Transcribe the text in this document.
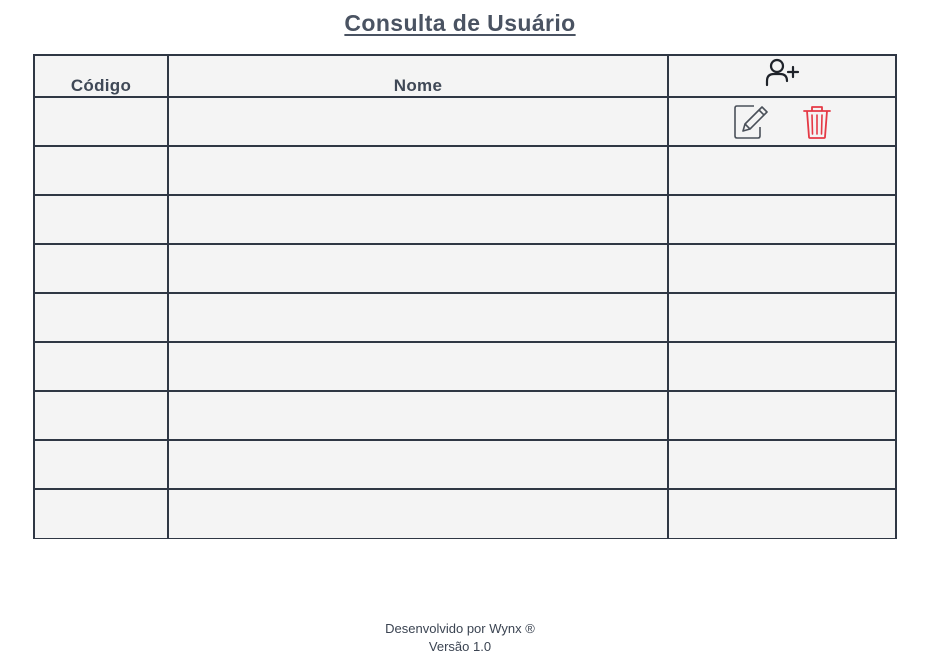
Consulta de Usuário
Código	Nome	

Desenvolvido por Wynx ®
Versão 1.0
